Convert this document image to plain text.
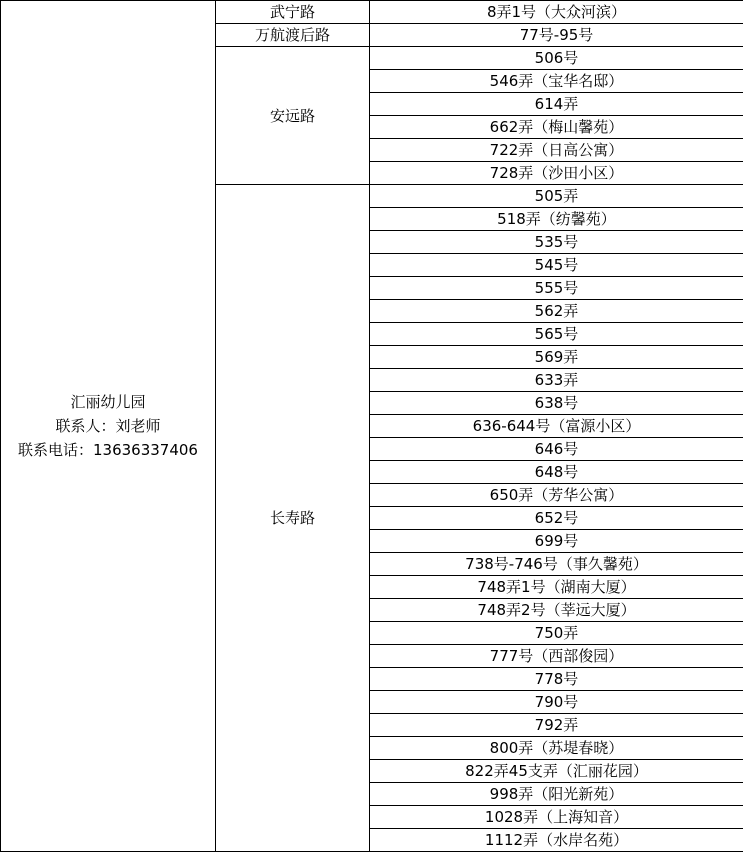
汇丽幼儿园
联系人：刘老师
联系电话：13636337406	武宁路	8弄1号（大众河滨）
	万航渡后路	77号-95号
	安远路	506号
		546弄（宝华名邸）
		614弄
		662弄（梅山馨苑）
		722弄（日高公寓）
		728弄（沙田小区）
	长寿路	505弄
		518弄（纺馨苑）
		535号
		545号
		555号
		562弄
		565号
		569弄
		633弄
		638号
		636-644号（富源小区）
		646号
		648号
		650弄（芳华公寓）
		652号
		699号
		738号-746号（事久馨苑）
		748弄1号（湖南大厦）
		748弄2号（莘远大厦）
		750弄
		777号（西部俊园）
		778号
		790号
		792弄
		800弄（苏堤春晓）
		822弄45支弄（汇丽花园）
		998弄（阳光新苑）
		1028弄（上海知音）
		1112弄（水岸名苑）
